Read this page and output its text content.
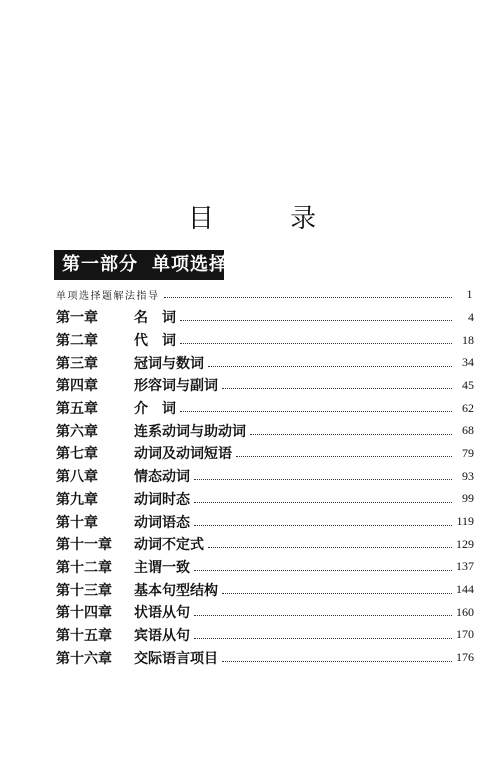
目 录
第一部分 单项选择
单项选择题解法指导	1
第一章	名　词	4
第二章	代　词	18
第三章	冠词与数词	34
第四章	形容词与副词	45
第五章	介　词	62
第六章	连系动词与助动词	68
第七章	动词及动词短语	79
第八章	情态动词	93
第九章	动词时态	99
第十章	动词语态	119
第十一章	动词不定式	129
第十二章	主谓一致	137
第十三章	基本句型结构	144
第十四章	状语从句	160
第十五章	宾语从句	170
第十六章	交际语言项目	176
